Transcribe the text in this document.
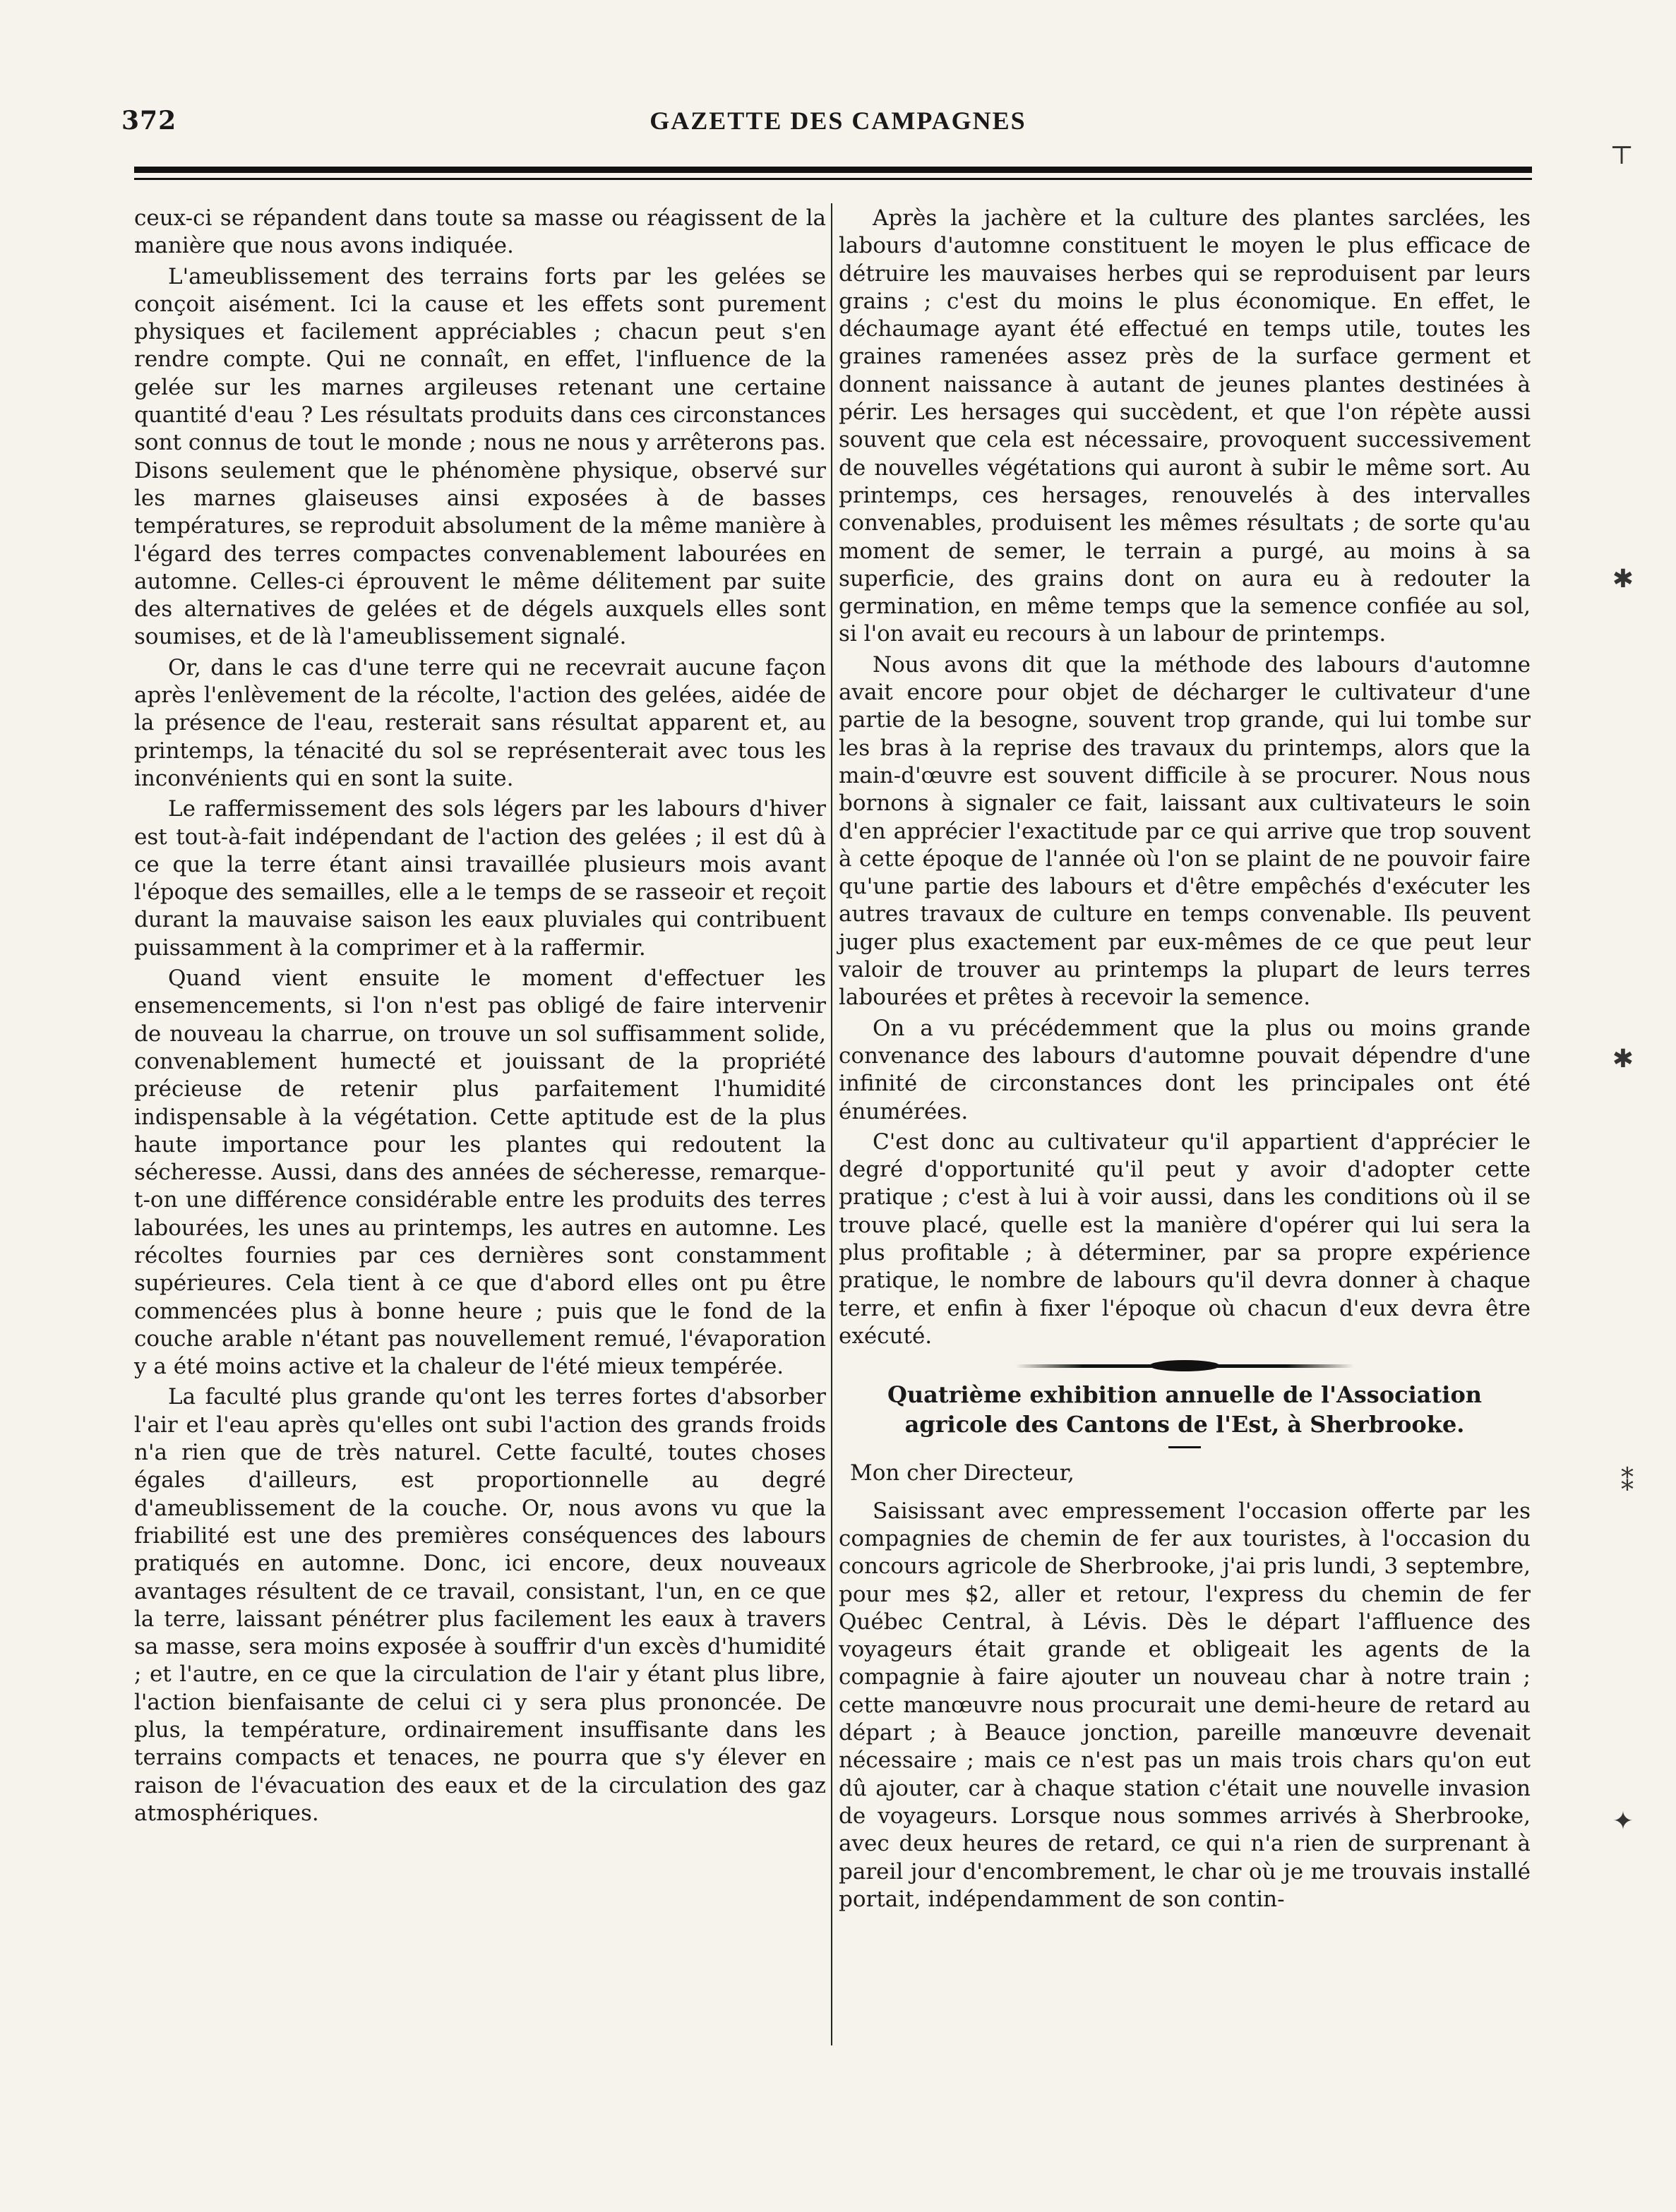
372	GAZETTE DES CAMPAGNES

ceux-ci se répandent dans toute sa masse ou réagissent de la manière que nous avons indiquée.

L'ameublissement des terrains forts par les gelées se conçoit aisément. Ici la cause et les effets sont purement physiques et facilement appréciables ; chacun peut s'en rendre compte. Qui ne connaît, en effet, l'influence de la gelée sur les marnes argileuses retenant une certaine quantité d'eau ? Les résultats produits dans ces circonstances sont connus de tout le monde ; nous ne nous y arrêterons pas. Disons seulement que le phénomène physique, observé sur les marnes glaiseuses ainsi exposées à de basses températures, se reproduit absolument de la même manière à l'égard des terres compactes convenablement labourées en automne. Celles-ci éprouvent le même délitement par suite des alternatives de gelées et de dégels auxquels elles sont soumises, et de là l'ameublissement signalé.

Or, dans le cas d'une terre qui ne recevrait aucune façon après l'enlèvement de la récolte, l'action des gelées, aidée de la présence de l'eau, resterait sans résultat apparent et, au printemps, la ténacité du sol se représenterait avec tous les inconvénients qui en sont la suite.

Le raffermissement des sols légers par les labours d'hiver est tout-à-fait indépendant de l'action des gelées ; il est dû à ce que la terre étant ainsi travaillée plusieurs mois avant l'époque des semailles, elle a le temps de se rasseoir et reçoit durant la mauvaise saison les eaux pluviales qui contribuent puissamment à la comprimer et à la raffermir.

Quand vient ensuite le moment d'effectuer les ensemencements, si l'on n'est pas obligé de faire intervenir de nouveau la charrue, on trouve un sol suffisamment solide, convenablement humecté et jouissant de la propriété précieuse de retenir plus parfaitement l'humidité indispensable à la végétation. Cette aptitude est de la plus haute importance pour les plantes qui redoutent la sécheresse. Aussi, dans des années de sécheresse, remarque-t-on une différence considérable entre les produits des terres labourées, les unes au printemps, les autres en automne. Les récoltes fournies par ces dernières sont constamment supérieures. Cela tient à ce que d'abord elles ont pu être commencées plus à bonne heure ; puis que le fond de la couche arable n'étant pas nouvellement remué, l'évaporation y a été moins active et la chaleur de l'été mieux tempérée.

La faculté plus grande qu'ont les terres fortes d'absorber l'air et l'eau après qu'elles ont subi l'action des grands froids n'a rien que de très naturel. Cette faculté, toutes choses égales d'ailleurs, est proportionnelle au degré d'ameublissement de la couche. Or, nous avons vu que la friabilité est une des premières conséquences des labours pratiqués en automne. Donc, ici encore, deux nouveaux avantages résultent de ce travail, consistant, l'un, en ce que la terre, laissant pénétrer plus facilement les eaux à travers sa masse, sera moins exposée à souffrir d'un excès d'humidité ; et l'autre, en ce que la circulation de l'air y étant plus libre, l'action bienfaisante de celui ci y sera plus prononcée. De plus, la température, ordinairement insuffisante dans les terrains compacts et tenaces, ne pourra que s'y élever en raison de l'évacuation des eaux et de la circulation des gaz atmosphériques.

Après la jachère et la culture des plantes sarclées, les labours d'automne constituent le moyen le plus efficace de détruire les mauvaises herbes qui se reproduisent par leurs grains ; c'est du moins le plus économique. En effet, le déchaumage ayant été effectué en temps utile, toutes les graines ramenées assez près de la surface germent et donnent naissance à autant de jeunes plantes destinées à périr. Les hersages qui succèdent, et que l'on répète aussi souvent que cela est nécessaire, provoquent successivement de nouvelles végétations qui auront à subir le même sort. Au printemps, ces hersages, renouvelés à des intervalles convenables, produisent les mêmes résultats ; de sorte qu'au moment de semer, le terrain a purgé, au moins à sa superficie, des grains dont on aura eu à redouter la germination, en même temps que la semence confiée au sol, si l'on avait eu recours à un labour de printemps.

Nous avons dit que la méthode des labours d'automne avait encore pour objet de décharger le cultivateur d'une partie de la besogne, souvent trop grande, qui lui tombe sur les bras à la reprise des travaux du printemps, alors que la main-d'œuvre est souvent difficile à se procurer. Nous nous bornons à signaler ce fait, laissant aux cultivateurs le soin d'en apprécier l'exactitude par ce qui arrive que trop souvent à cette époque de l'année où l'on se plaint de ne pouvoir faire qu'une partie des labours et d'être empêchés d'exécuter les autres travaux de culture en temps convenable. Ils peuvent juger plus exactement par eux-mêmes de ce que peut leur valoir de trouver au printemps la plupart de leurs terres labourées et prêtes à recevoir la semence.

On a vu précédemment que la plus ou moins grande convenance des labours d'automne pouvait dépendre d'une infinité de circonstances dont les principales ont été énumérées.

C'est donc au cultivateur qu'il appartient d'apprécier le degré d'opportunité qu'il peut y avoir d'adopter cette pratique ; c'est à lui à voir aussi, dans les conditions où il se trouve placé, quelle est la manière d'opérer qui lui sera la plus profitable ; à déterminer, par sa propre expérience pratique, le nombre de labours qu'il devra donner à chaque terre, et enfin à fixer l'époque où chacun d'eux devra être exécuté.

Quatrième exhibition annuelle de l'Association agricole des Cantons de l'Est, à Sherbrooke.

Mon cher Directeur,

Saisissant avec empressement l'occasion offerte par les compagnies de chemin de fer aux touristes, à l'occasion du concours agricole de Sherbrooke, j'ai pris lundi, 3 septembre, pour mes $2, aller et retour, l'express du chemin de fer Québec Central, à Lévis. Dès le départ l'affluence des voyageurs était grande et obligeait les agents de la compagnie à faire ajouter un nouveau char à notre train ; cette manœuvre nous procurait une demi-heure de retard au départ ; à Beauce jonction, pareille manœuvre devenait nécessaire ; mais ce n'est pas un mais trois chars qu'on eut dû ajouter, car à chaque station c'était une nouvelle invasion de voyageurs. Lorsque nous sommes arrivés à Sherbrooke, avec deux heures de retard, ce qui n'a rien de surprenant à pareil jour d'encombrement, le char où je me trouvais installé portait, indépendamment de son contin-

⊤
✱
✱
⁑
✦
